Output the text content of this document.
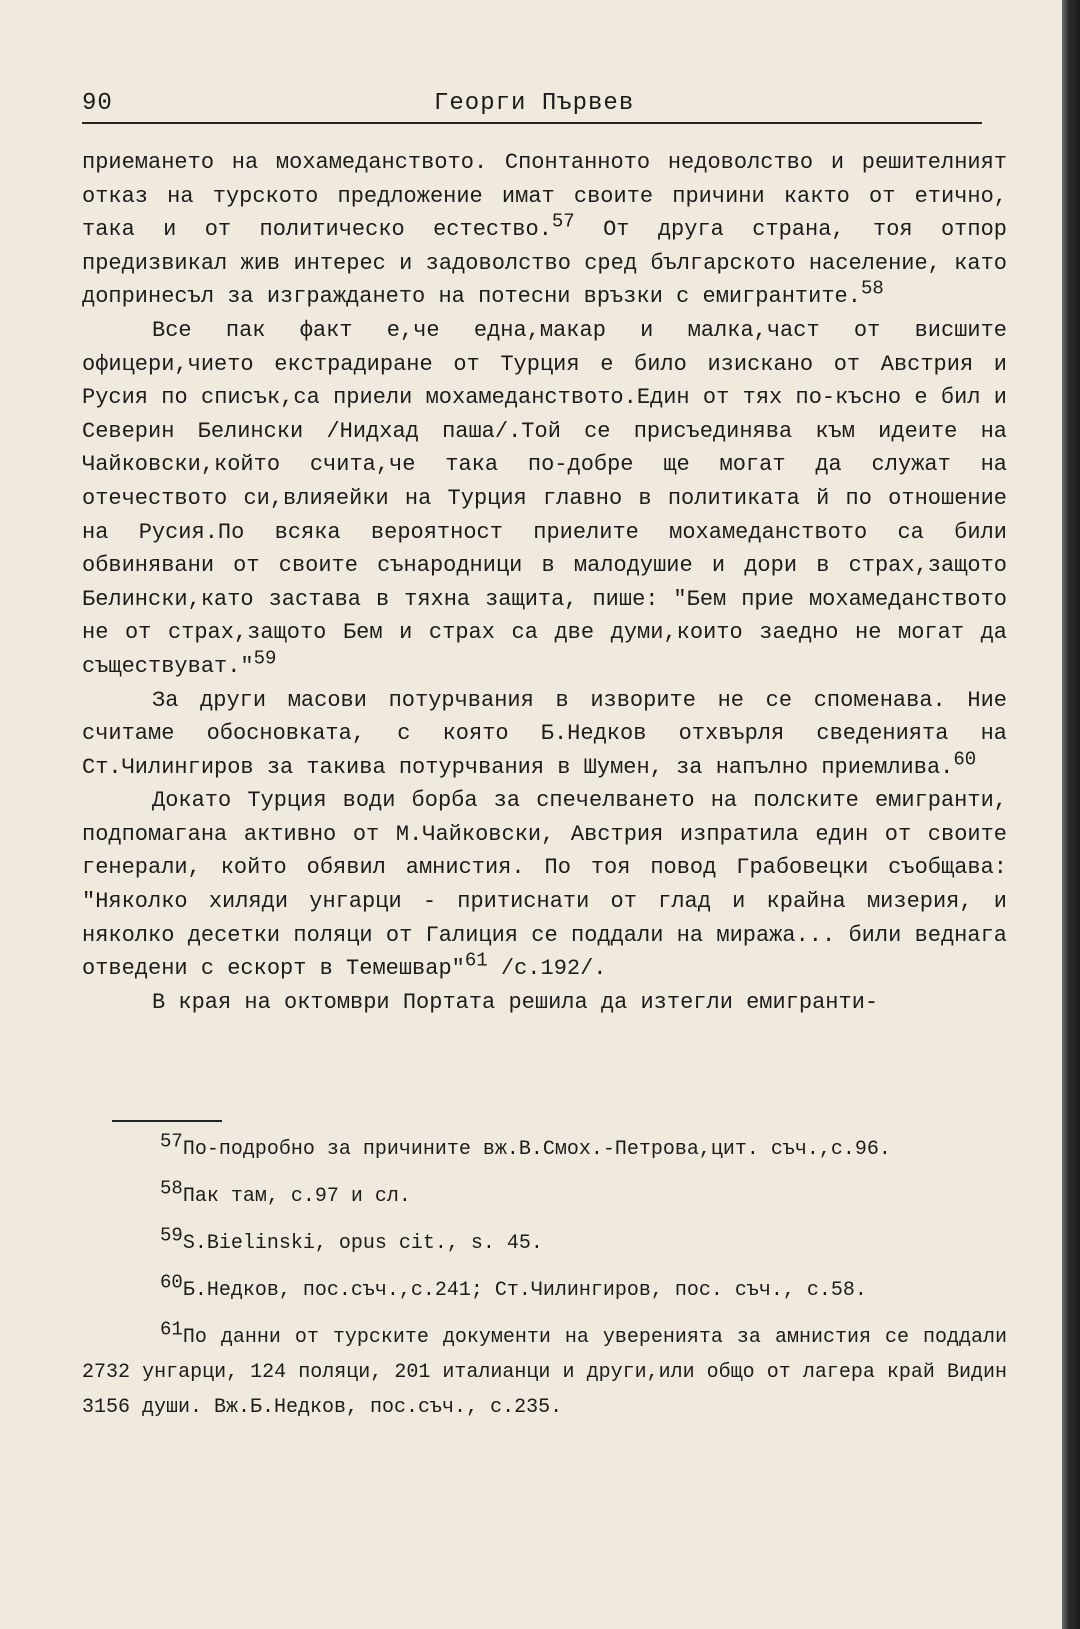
90	Георги Първев

приемането на мохамеданството. Спонтанното недоволство и решителният отказ на турското предложение имат своите причини както от етично, така и от политическо естество.$^{57}$ От друга страна, тоя отпор предизвикал жив интерес и задоволство сред българското население, като допринесъл за изграждането на потесни връзки с емигрантите.$^{58}$

Все пак факт е,че една,макар и малка,част от висшите офицери,чието екстрадиране от Турция е било изискано от Австрия и Русия по списък,са приели мохамеданството.Един от тях по-късно е бил и Северин Белински /Нидхад паша/.Той се присъединява към идеите на Чайковски,който счита,че така по-добре ще могат да служат на отечеството си,влияейки на Турция главно в политиката й по отношение на Русия.По всяка вероятност приелите мохамеданството са били обвинявани от своите сънародници в малодушие и дори в страх,защото Белински,като застава в тяхна защита, пише: "Бем прие мохамеданството не от страх,защото Бем и страх са две думи,които заедно не могат да съществуват."$^{59}$

За други масови потурчвания в изворите не се споменава. Ние считаме обосновката, с която Б.Недков отхвърля сведенията на Ст.Чилингиров за такива потурчвания в Шумен, за напълно приемлива.$^{60}$

Докато Турция води борба за спечелването на полските емигранти, подпомагана активно от М.Чайковски, Австрия изпратила един от своите генерали, който обявил амнистия. По тоя повод Грабовецки съобщава: "Няколко хиляди унгарци - притиснати от глад и крайна мизерия, и няколко десетки поляци от Галиция се поддали на миража... били веднага отведени с ескорт в Темешвар"$^{61}$ /с.192/.

В края на октомври Портата решила да изтегли емигранти-

$^{57}$По-подробно за причините вж.В.Смох.-Петрова,цит. съч.,с.96.

$^{58}$Пак там, с.97 и сл.

$^{59}$S.Bielinski, opus cit., s. 45.

$^{60}$Б.Недков, пос.съч.,с.241; Ст.Чилингиров, пос. съч., с.58.

$^{61}$По данни от турските документи на уверенията за амнистия се поддали 2732 унгарци, 124 поляци, 201 италианци и други,или общо от лагера край Видин 3156 души. Вж.Б.Недков, пос.съч., с.235.
